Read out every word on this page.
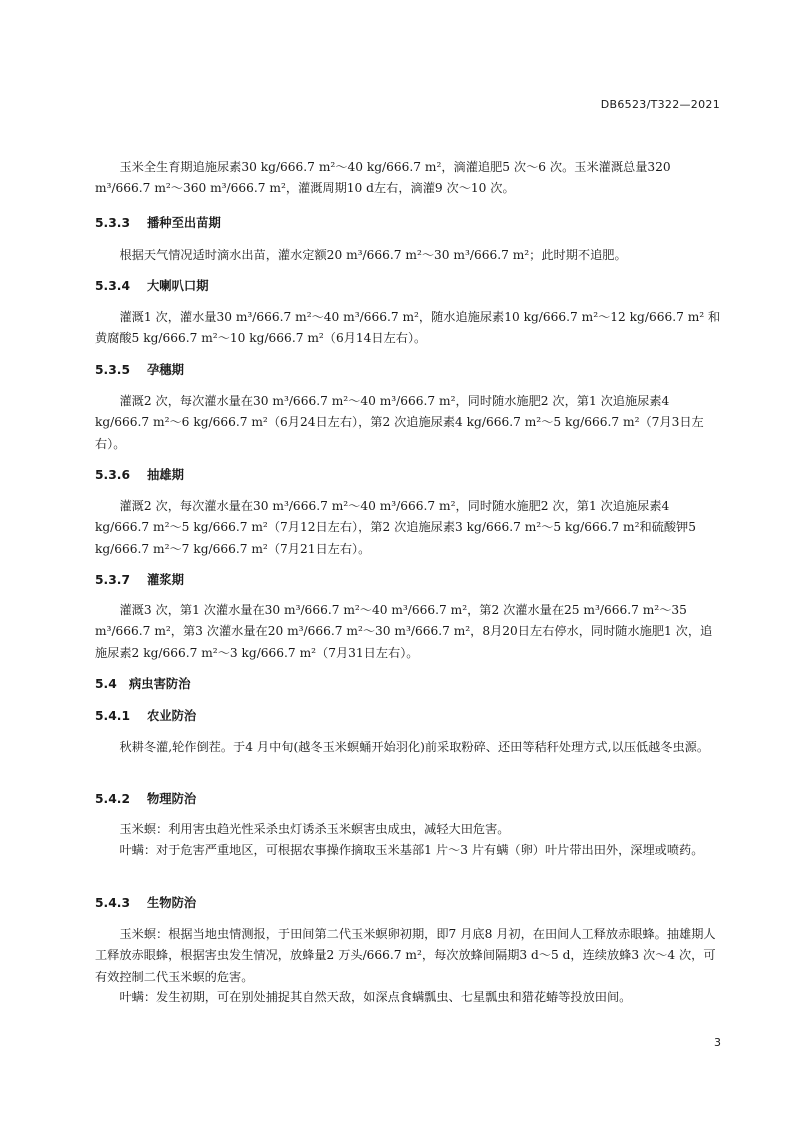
DB6523/T322—2021

玉米全生育期追施尿素30 kg/666.7 m²～40 kg/666.7 m²，滴灌追肥5 次～6 次。玉米灌溉总量320 m³/666.7 m²～360 m³/666.7 m²，灌溉周期10 d左右，滴灌9 次～10 次。

5.3.3 播种至出苗期

根据天气情况适时滴水出苗，灌水定额20 m³/666.7 m²～30 m³/666.7 m²；此时期不追肥。

5.3.4 大喇叭口期

灌溉1 次，灌水量30 m³/666.7 m²～40 m³/666.7 m²，随水追施尿素10 kg/666.7 m²～12 kg/666.7 m² 和黄腐酸5 kg/666.7 m²～10 kg/666.7 m²（6月14日左右）。

5.3.5 孕穗期

灌溉2 次，每次灌水量在30 m³/666.7 m²～40 m³/666.7 m²，同时随水施肥2 次，第1 次追施尿素4 kg/666.7 m²～6 kg/666.7 m²（6月24日左右），第2 次追施尿素4 kg/666.7 m²～5 kg/666.7 m²（7月3日左右）。

5.3.6 抽雄期

灌溉2 次，每次灌水量在30 m³/666.7 m²～40 m³/666.7 m²，同时随水施肥2 次，第1 次追施尿素4 kg/666.7 m²～5 kg/666.7 m²（7月12日左右），第2 次追施尿素3 kg/666.7 m²～5 kg/666.7 m²和硫酸钾5 kg/666.7 m²～7 kg/666.7 m²（7月21日左右）。

5.3.7 灌浆期

灌溉3 次，第1 次灌水量在30 m³/666.7 m²～40 m³/666.7 m²，第2 次灌水量在25 m³/666.7 m²～35 m³/666.7 m²，第3 次灌水量在20 m³/666.7 m²～30 m³/666.7 m²，8月20日左右停水，同时随水施肥1 次，追施尿素2 kg/666.7 m²～3 kg/666.7 m²（7月31日左右）。

5.4 病虫害防治
5.4.1 农业防治

秋耕冬灌,轮作倒茬。于4 月中旬(越冬玉米螟蛹开始羽化)前采取粉碎、还田等秸秆处理方式,以压低越冬虫源。

5.4.2 物理防治

玉米螟：利用害虫趋光性采杀虫灯诱杀玉米螟害虫成虫，减轻大田危害。

叶螨：对于危害严重地区，可根据农事操作摘取玉米基部1 片～3 片有螨（卵）叶片带出田外，深埋或喷药。

5.4.3 生物防治

玉米螟：根据当地虫情测报，于田间第二代玉米螟卵初期，即7 月底8 月初，在田间人工释放赤眼蜂。抽雄期人工释放赤眼蜂，根据害虫发生情况，放蜂量2 万头/666.7 m²，每次放蜂间隔期3 d～5 d，连续放蜂3 次～4 次，可有效控制二代玉米螟的危害。

叶螨：发生初期，可在别处捕捉其自然天敌，如深点食螨瓢虫、七星瓢虫和猎花蝽等投放田间。

3
